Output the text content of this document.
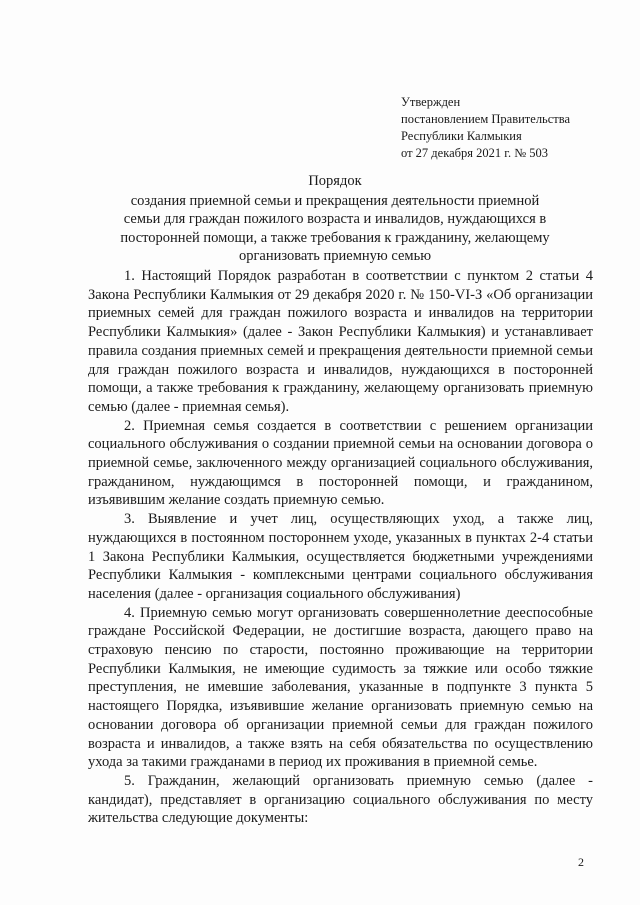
Утвержден
постановлением Правительства
Республики Калмыкия
от 27 декабря 2021 г. № 503
Порядок
создания приемной семьи и прекращения деятельности приемной
семьи для граждан пожилого возраста и инвалидов, нуждающихся в
посторонней помощи, а также требования к гражданину, желающему
организовать приемную семью
1. Настоящий Порядок разработан в соответствии с пунктом 2 статьи 4 Закона Республики Калмыкия от 29 декабря 2020 г. № 150-VI-З «Об организации приемных семей для граждан пожилого возраста и инвалидов на территории Республики Калмыкия» (далее - Закон Республики Калмыкия) и устанавливает правила создания приемных семей и прекращения деятельности приемной семьи для граждан пожилого возраста и инвалидов, нуждающихся в посторонней помощи, а также требования к гражданину, желающему организовать приемную семью (далее - приемная семья).
2. Приемная семья создается в соответствии с решением организации социального обслуживания о создании приемной семьи на основании договора о приемной семье, заключенного между организацией социального обслуживания, гражданином, нуждающимся в посторонней помощи, и гражданином, изъявившим желание создать приемную семью.
3. Выявление и учет лиц, осуществляющих уход, а также лиц, нуждающихся в постоянном постороннем уходе, указанных в пунктах 2-4 статьи 1 Закона Республики Калмыкия, осуществляется бюджетными учреждениями Республики Калмыкия - комплексными центрами социального обслуживания населения (далее - организация социального обслуживания)
4. Приемную семью могут организовать совершеннолетние дееспособные граждане Российской Федерации, не достигшие возраста, дающего право на страховую пенсию по старости, постоянно проживающие на территории Республики Калмыкия, не имеющие судимость за тяжкие или особо тяжкие преступления, не имевшие заболевания, указанные в подпункте 3 пункта 5 настоящего Порядка, изъявившие желание организовать приемную семью на основании договора об организации приемной семьи для граждан пожилого возраста и инвалидов, а также взять на себя обязательства по осуществлению ухода за такими гражданами в период их проживания в приемной семье.
5. Гражданин, желающий организовать приемную семью (далее - кандидат), представляет в организацию социального обслуживания по месту жительства следующие документы:
2
